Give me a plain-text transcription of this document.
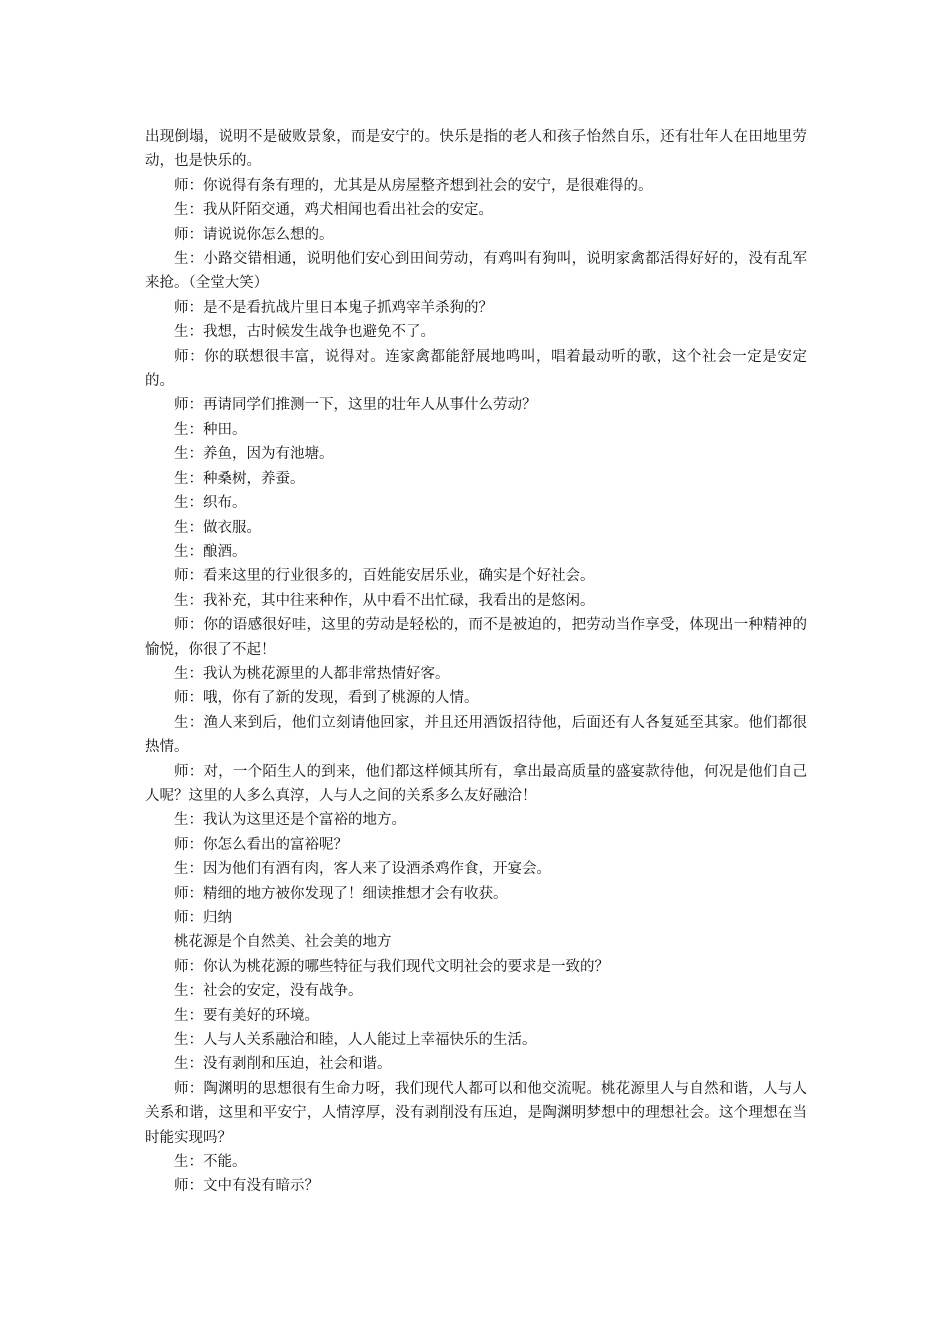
出现倒塌，说明不是破败景象，而是安宁的。快乐是指的老人和孩子怡然自乐，还有壮年人在田地里劳动，也是快乐的。

师：你说得有条有理的，尤其是从房屋整齐想到社会的安宁，是很难得的。

生：我从阡陌交通，鸡犬相闻也看出社会的安定。

师：请说说你怎么想的。

生：小路交错相通，说明他们安心到田间劳动，有鸡叫有狗叫，说明家禽都活得好好的，没有乱军来抢。（全堂大笑）

师：是不是看抗战片里日本鬼子抓鸡宰羊杀狗的？

生：我想，古时候发生战争也避免不了。

师：你的联想很丰富，说得对。连家禽都能舒展地鸣叫，唱着最动听的歌，这个社会一定是安定的。

师：再请同学们推测一下，这里的壮年人从事什么劳动？

生：种田。

生：养鱼，因为有池塘。

生：种桑树，养蚕。

生：织布。

生：做衣服。

生：酿酒。

师：看来这里的行业很多的，百姓能安居乐业，确实是个好社会。

生：我补充，其中往来种作，从中看不出忙碌，我看出的是悠闲。

师：你的语感很好哇，这里的劳动是轻松的，而不是被迫的，把劳动当作享受，体现出一种精神的愉悦，你很了不起！

生：我认为桃花源里的人都非常热情好客。

师：哦，你有了新的发现，看到了桃源的人情。

生：渔人来到后，他们立刻请他回家，并且还用酒饭招待他，后面还有人各复延至其家。他们都很热情。

师：对，一个陌生人的到来，他们都这样倾其所有，拿出最高质量的盛宴款待他，何况是他们自己人呢？这里的人多么真淳，人与人之间的关系多么友好融洽！

生：我认为这里还是个富裕的地方。

师：你怎么看出的富裕呢？

生：因为他们有酒有肉，客人来了设酒杀鸡作食，开宴会。

师：精细的地方被你发现了！细读推想才会有收获。

师：归纳

桃花源是个自然美、社会美的地方

师：你认为桃花源的哪些特征与我们现代文明社会的要求是一致的？

生：社会的安定，没有战争。

生：要有美好的环境。

生：人与人关系融洽和睦，人人能过上幸福快乐的生活。

生：没有剥削和压迫，社会和谐。

师：陶渊明的思想很有生命力呀，我们现代人都可以和他交流呢。桃花源里人与自然和谐，人与人关系和谐，这里和平安宁，人情淳厚，没有剥削没有压迫，是陶渊明梦想中的理想社会。这个理想在当时能实现吗？

生：不能。

师：文中有没有暗示？
